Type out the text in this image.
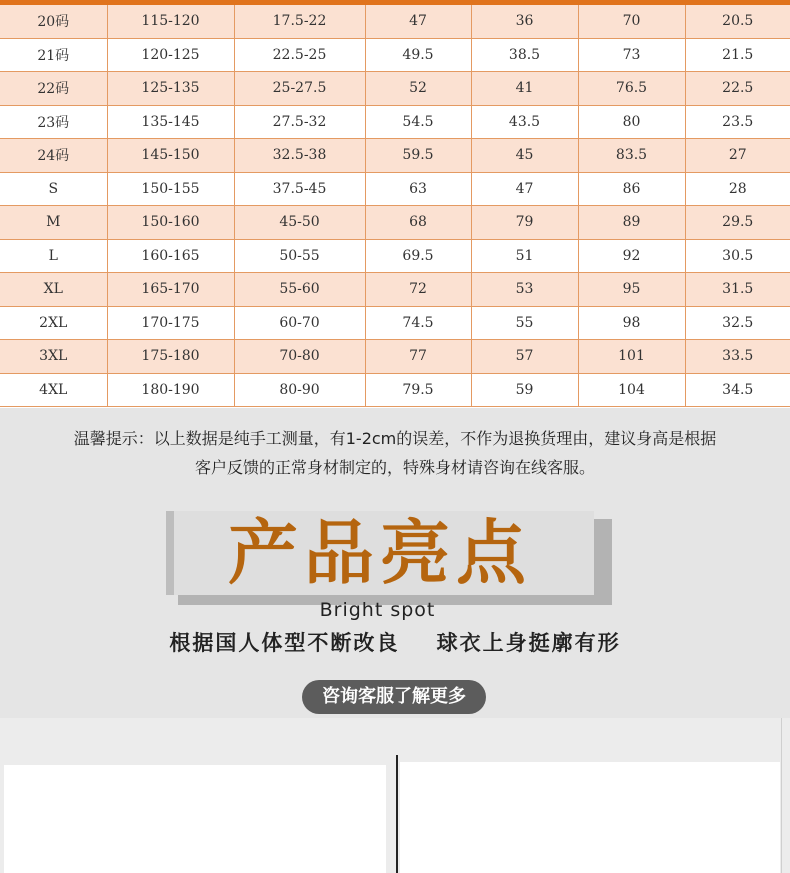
20码	115-120	17.5-22	47	36	70	20.5
21码	120-125	22.5-25	49.5	38.5	73	21.5
22码	125-135	25-27.5	52	41	76.5	22.5
23码	135-145	27.5-32	54.5	43.5	80	23.5
24码	145-150	32.5-38	59.5	45	83.5	27
S	150-155	37.5-45	63	47	86	28
M	150-160	45-50	68	79	89	29.5
L	160-165	50-55	69.5	51	92	30.5
XL	165-170	55-60	72	53	95	31.5
2XL	170-175	60-70	74.5	55	98	32.5
3XL	175-180	70-80	77	57	101	33.5
4XL	180-190	80-90	79.5	59	104	34.5
温馨提示：以上数据是纯手工测量，有1-2cm的误差，不作为退换货理由，建议身高是根据
客户反馈的正常身材制定的，特殊身材请咨询在线客服。
产品亮点
Bright spot
根据国人体型不断改良    球衣上身挺廓有形
咨询客服了解更多
